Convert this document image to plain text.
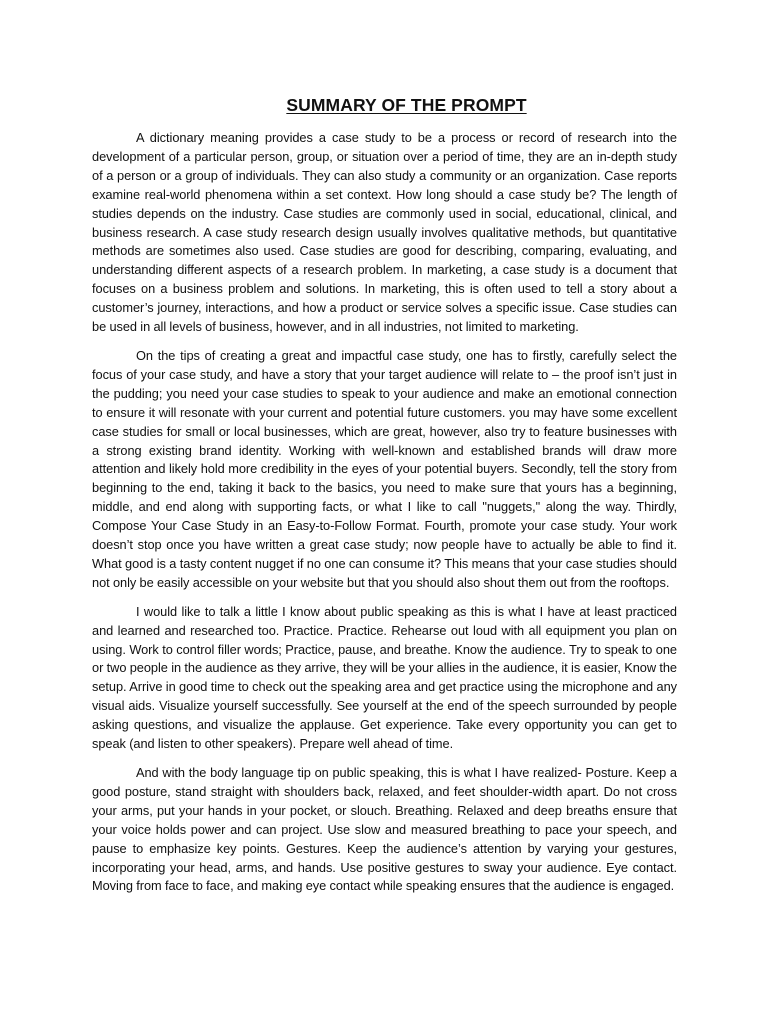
SUMMARY OF THE PROMPT

A dictionary meaning provides a case study to be a process or record of research into the development of a particular person, group, or situation over a period of time, they are an in-depth study of a person or a group of individuals. They can also study a community or an organization. Case reports examine real-world phenomena within a set context. How long should a case study be? The length of studies depends on the industry. Case studies are commonly used in social, educational, clinical, and business research. A case study research design usually involves qualitative methods, but quantitative methods are sometimes also used. Case studies are good for describing, comparing, evaluating, and understanding different aspects of a research problem. In marketing, a case study is a document that focuses on a business problem and solutions. In marketing, this is often used to tell a story about a customer’s journey, interactions, and how a product or service solves a specific issue. Case studies can be used in all levels of business, however, and in all industries, not limited to marketing.

On the tips of creating a great and impactful case study, one has to firstly, carefully select the focus of your case study, and have a story that your target audience will relate to – the proof isn’t just in the pudding; you need your case studies to speak to your audience and make an emotional connection to ensure it will resonate with your current and potential future customers. you may have some excellent case studies for small or local businesses, which are great, however, also try to feature businesses with a strong existing brand identity. Working with well-known and established brands will draw more attention and likely hold more credibility in the eyes of your potential buyers. Secondly, tell the story from beginning to the end, taking it back to the basics, you need to make sure that yours has a beginning, middle, and end along with supporting facts, or what I like to call "nuggets," along the way. Thirdly, Compose Your Case Study in an Easy-to-Follow Format. Fourth, promote your case study. Your work doesn’t stop once you have written a great case study; now people have to actually be able to find it. What good is a tasty content nugget if no one can consume it? This means that your case studies should not only be easily accessible on your website but that you should also shout them out from the rooftops.

I would like to talk a little I know about public speaking as this is what I have at least practiced and learned and researched too. Practice. Practice. Rehearse out loud with all equipment you plan on using. Work to control filler words; Practice, pause, and breathe. Know the audience. Try to speak to one or two people in the audience as they arrive, they will be your allies in the audience, it is easier, Know the setup. Arrive in good time to check out the speaking area and get practice using the microphone and any visual aids. Visualize yourself successfully. See yourself at the end of the speech surrounded by people asking questions, and visualize the applause. Get experience. Take every opportunity you can get to speak (and listen to other speakers). Prepare well ahead of time.

And with the body language tip on public speaking, this is what I have realized- Posture. Keep a good posture, stand straight with shoulders back, relaxed, and feet shoulder-width apart. Do not cross your arms, put your hands in your pocket, or slouch. Breathing. Relaxed and deep breaths ensure that your voice holds power and can project. Use slow and measured breathing to pace your speech, and pause to emphasize key points. Gestures. Keep the audience’s attention by varying your gestures, incorporating your head, arms, and hands. Use positive gestures to sway your audience. Eye contact. Moving from face to face, and making eye contact while speaking ensures that the audience is engaged.
